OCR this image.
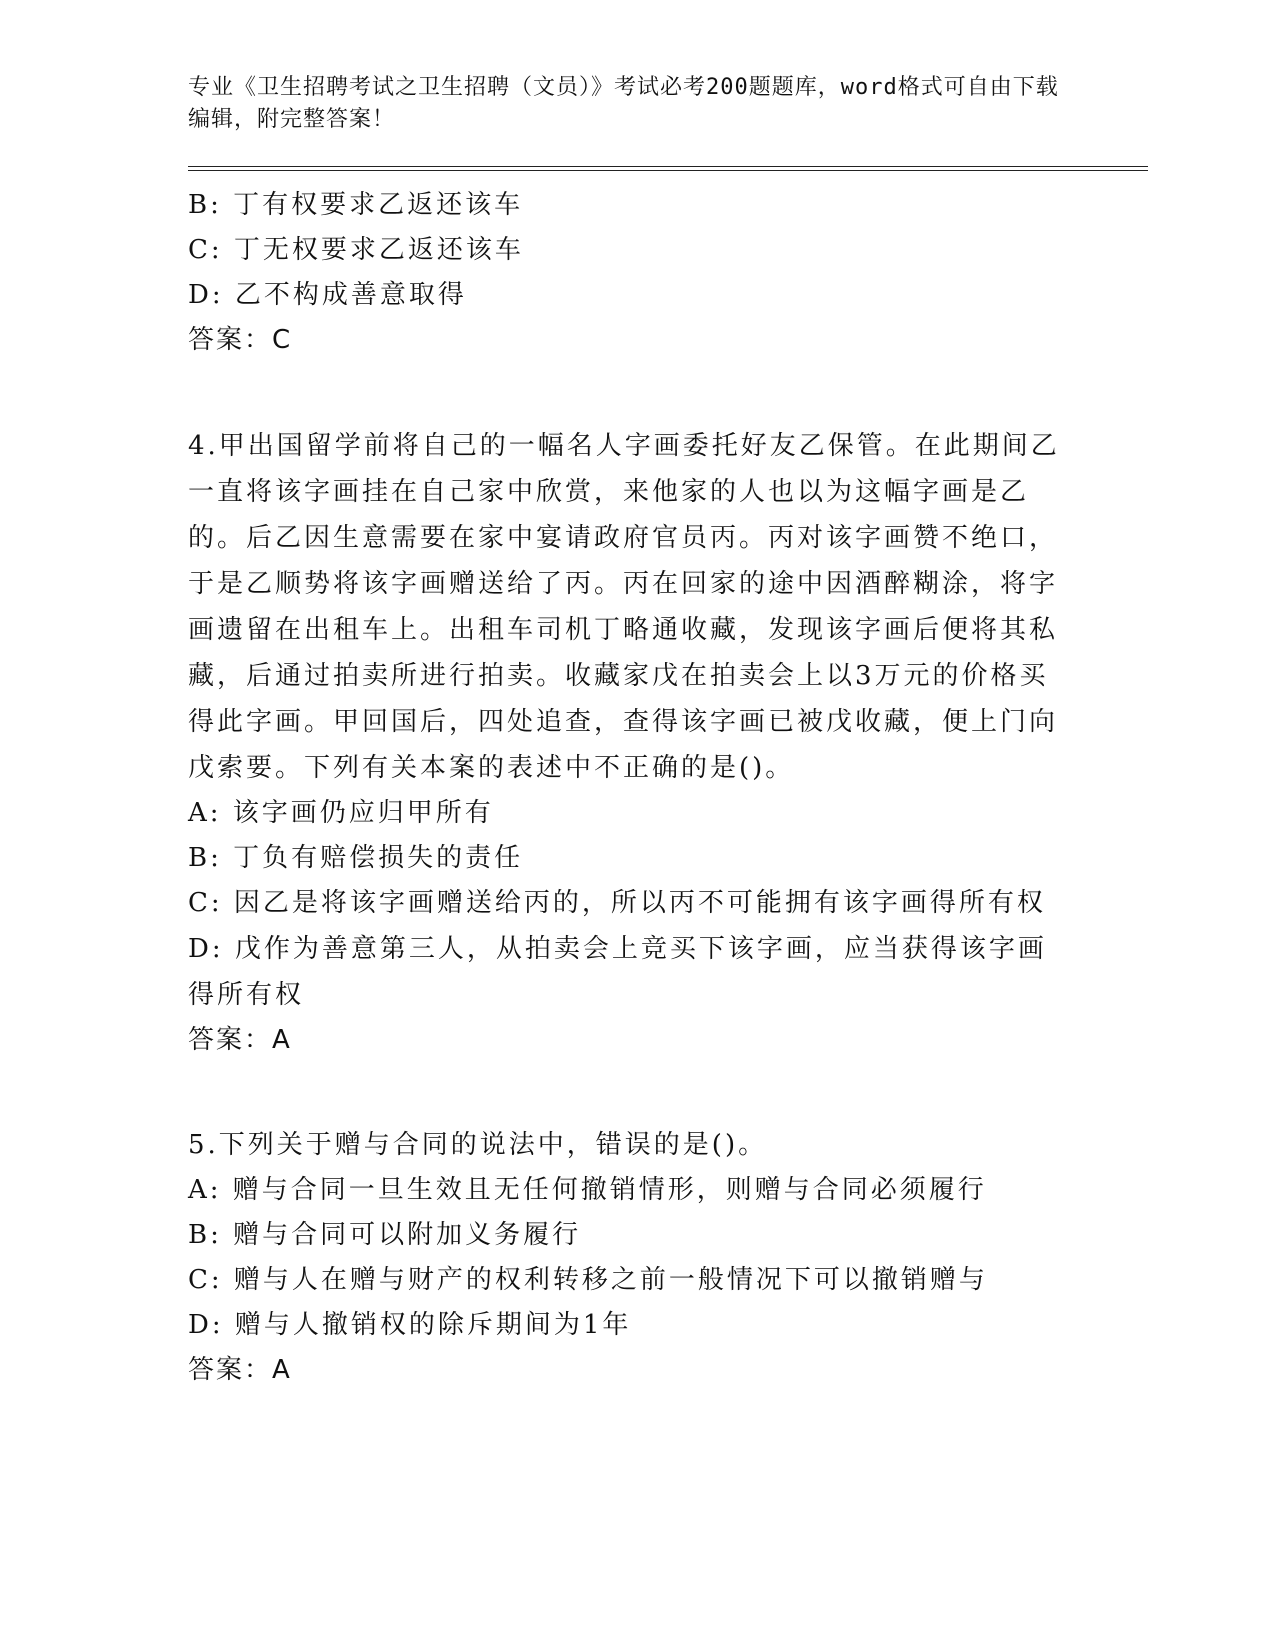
专业《卫生招聘考试之卫生招聘（文员）》考试必考200题题库，word格式可自由下载编辑，附完整答案！
B: 丁有权要求乙返还该车
C: 丁无权要求乙返还该车
D: 乙不构成善意取得
答案：C
4.甲出国留学前将自己的一幅名人字画委托好友乙保管。在此期间乙一直将该字画挂在自己家中欣赏，来他家的人也以为这幅字画是乙的。后乙因生意需要在家中宴请政府官员丙。丙对该字画赞不绝口，于是乙顺势将该字画赠送给了丙。丙在回家的途中因酒醉糊涂，将字画遗留在出租车上。出租车司机丁略通收藏，发现该字画后便将其私藏，后通过拍卖所进行拍卖。收藏家戊在拍卖会上以3万元的价格买得此字画。甲回国后，四处追查，查得该字画已被戊收藏，便上门向戊索要。下列有关本案的表述中不正确的是()。
A: 该字画仍应归甲所有
B: 丁负有赔偿损失的责任
C: 因乙是将该字画赠送给丙的，所以丙不可能拥有该字画得所有权
D: 戊作为善意第三人，从拍卖会上竞买下该字画，应当获得该字画得所有权
答案：A
5.下列关于赠与合同的说法中，错误的是()。
A: 赠与合同一旦生效且无任何撤销情形，则赠与合同必须履行
B: 赠与合同可以附加义务履行
C: 赠与人在赠与财产的权利转移之前一般情况下可以撤销赠与
D: 赠与人撤销权的除斥期间为1年
答案：A
